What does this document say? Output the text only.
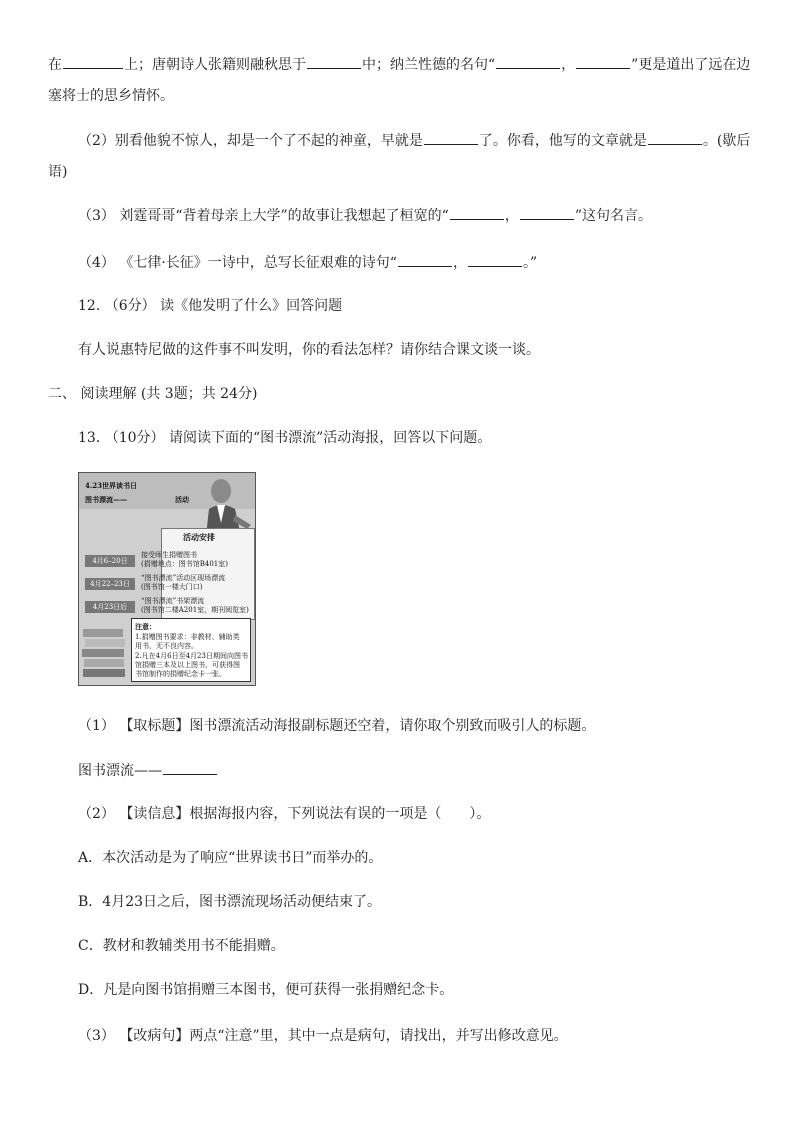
在	上；唐朝诗人张籍则融秋思于	中；纳兰性德的名句“	，	”更是道出了远在边
塞将士的思乡情怀。
（2）别看他貌不惊人，却是一个了不起的神童，早就是	了。你看，他写的文章就是	。(歇后
语)
（3） 刘霆哥哥“背着母亲上大学”的故事让我想起了桓宽的“	，	”这句名言。
（4） 《七律·长征》一诗中，总写长征艰难的诗句“	，	。”
12. （6分） 读《他发明了什么》回答问题
有人说惠特尼做的这件事不叫发明，你的看法怎样？请你结合课文谈一谈。
二、 阅读理解 (共 3题；共 24分)
13. （10分） 请阅读下面的“图书漂流”活动海报，回答以下问题。
4.23世界读书日
图书漂流——	活动
活动安排
4月6–20日
接受师生捐赠图书
(捐赠地点：图书馆B401室)
4月22–23日
“图书漂流”活动区现场漂流
(图书馆一楼大门口)
4月23日后
“图书漂流”书架漂流
(图书馆二楼A201室，期刊阅览室)
注意：
1.捐赠图书要求：非教材、辅助类
用书，无不良内容。
2.凡在4月6日至4月23日期间向图书
馆捐赠三本及以上图书，可获得图
书馆制作的捐赠纪念卡一张。
（1） 【取标题】图书漂流活动海报副标题还空着，请你取个别致而吸引人的标题。
图书漂流——
（2） 【读信息】根据海报内容，下列说法有误的一项是（　　）。
A．本次活动是为了响应“世界读书日”而举办的。
B．4月23日之后，图书漂流现场活动便结束了。
C．教材和教辅类用书不能捐赠。
D．凡是向图书馆捐赠三本图书，便可获得一张捐赠纪念卡。
（3） 【改病句】两点“注意”里，其中一点是病句，请找出，并写出修改意见。
